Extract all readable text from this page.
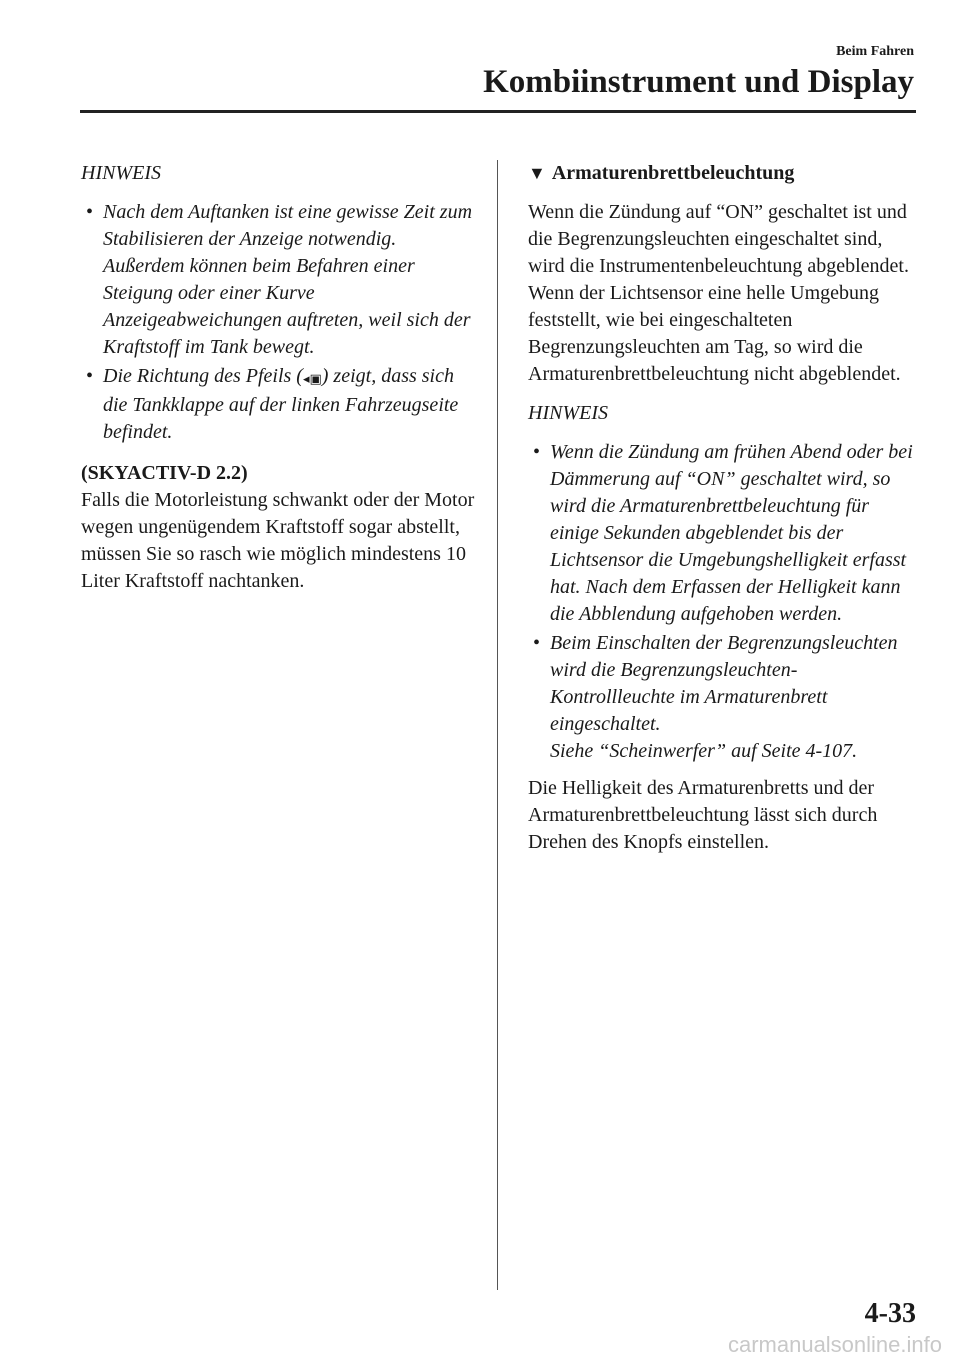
Beim Fahren
Kombiinstrument und Display
HINWEIS
• Nach dem Auftanken ist eine gewisse Zeit zum Stabilisieren der Anzeige notwendig. Außerdem können beim Befahren einer Steigung oder einer Kurve Anzeigeabweichungen auftreten, weil sich der Kraftstoff im Tank bewegt.
• Die Richtung des Pfeils (◂▣) zeigt, dass sich die Tankklappe auf der linken Fahrzeugseite befindet.
(SKYACTIV-D 2.2)

Falls die Motorleistung schwankt oder der Motor wegen ungenügendem Kraftstoff sogar abstellt, müssen Sie so rasch wie möglich mindestens 10 Liter Kraftstoff nachtanken.

▼ Armaturenbrettbeleuchtung

Wenn die Zündung auf “ON” geschaltet ist und die Begrenzungsleuchten eingeschaltet sind, wird die Instrumentenbeleuchtung abgeblendet. Wenn der Lichtsensor eine helle Umgebung feststellt, wie bei eingeschalteten Begrenzungsleuchten am Tag, so wird die Armaturenbrettbeleuchtung nicht abgeblendet.

HINWEIS
• Wenn die Zündung am frühen Abend oder bei Dämmerung auf “ON” geschaltet wird, so wird die Armaturenbrettbeleuchtung für einige Sekunden abgeblendet bis der Lichtsensor die Umgebungshelligkeit erfasst hat. Nach dem Erfassen der Helligkeit kann die Abblendung aufgehoben werden.
• Beim Einschalten der Begrenzungsleuchten wird die Begrenzungsleuchten-Kontrollleuchte im Armaturenbrett eingeschaltet.
Siehe “Scheinwerfer” auf Seite 4-107.

Die Helligkeit des Armaturenbretts und der Armaturenbrettbeleuchtung lässt sich durch Drehen des Knopfs einstellen.

4-33
carmanualsonline.info
